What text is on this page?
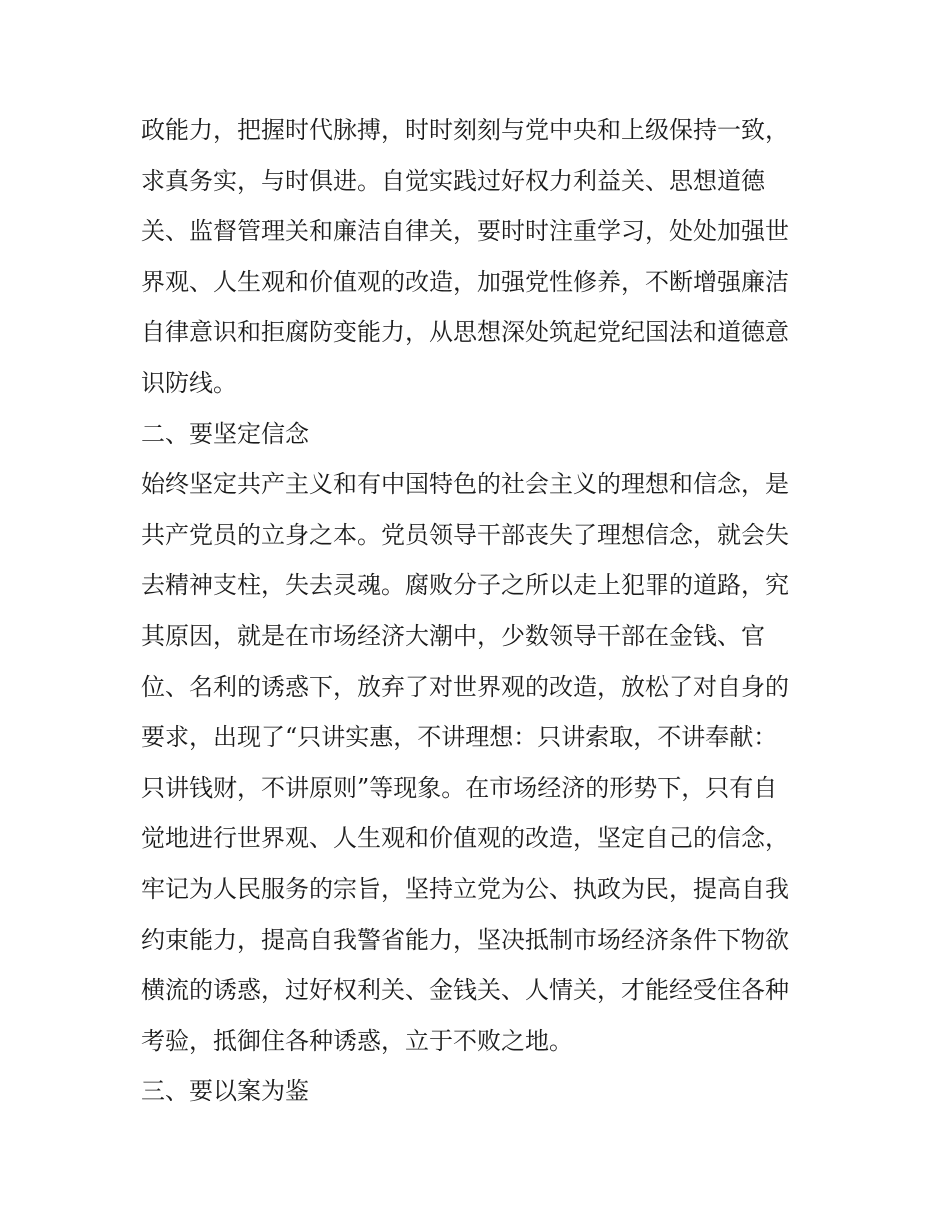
政能力，把握时代脉搏，时时刻刻与党中央和上级保持一致，
求真务实，与时俱进。自觉实践过好权力利益关、思想道德
关、监督管理关和廉洁自律关，要时时注重学习，处处加强世
界观、人生观和价值观的改造，加强党性修养，不断增强廉洁
自律意识和拒腐防变能力，从思想深处筑起党纪国法和道德意
识防线。
二、要坚定信念
始终坚定共产主义和有中国特色的社会主义的理想和信念，是
共产党员的立身之本。党员领导干部丧失了理想信念，就会失
去精神支柱，失去灵魂。腐败分子之所以走上犯罪的道路，究
其原因，就是在市场经济大潮中，少数领导干部在金钱、官
位、名利的诱惑下，放弃了对世界观的改造，放松了对自身的
要求，出现了“只讲实惠，不讲理想：只讲索取，不讲奉献：
只讲钱财，不讲原则”等现象。在市场经济的形势下，只有自
觉地进行世界观、人生观和价值观的改造，坚定自己的信念，
牢记为人民服务的宗旨，坚持立党为公、执政为民，提高自我
约束能力，提高自我警省能力，坚决抵制市场经济条件下物欲
横流的诱惑，过好权利关、金钱关、人情关，才能经受住各种
考验，抵御住各种诱惑，立于不败之地。
三、要以案为鉴
